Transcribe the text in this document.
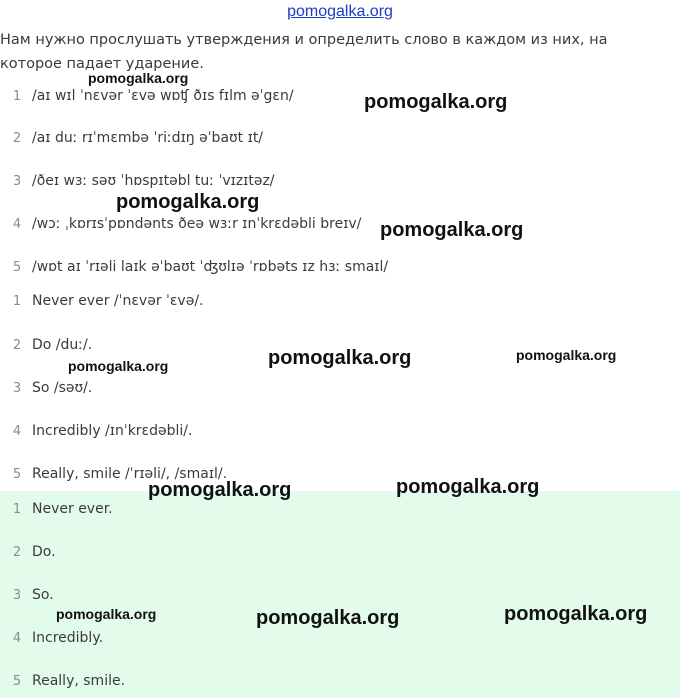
pomogalka.org
Нам нужно прослушать утверждения и определить слово в каждом из них, на которое падает ударение.
1 /aɪ wɪl ˈnɛvər ˈɛvə wɒʧ ðɪs fɪlm əˈgɛn/
2 /aɪ duː rɪˈmɛmbə ˈriːdɪŋ əˈbaʊt ɪt/
3 /ðeɪ wɜː səʊ ˈhɒspɪtəbl tuː ˈvɪzɪtəz/
4 /wɔː ˌkɒrɪsˈpɒndənts ðeə wɜːr ɪnˈkrɛdəbli breɪv/
5 /wɒt aɪ ˈrɪəli laɪk əˈbaʊt ˈʤʊlɪə ˈrɒbəts ɪz hɜː smaɪl/
1 Never ever /ˈnɛvər ˈɛvə/.
2 Do /duː/.
3 So /səʊ/.
4 Incredibly /ɪnˈkrɛdəbli/.
5 Really, smile /ˈrɪəli/, /smaɪl/.
1 Never ever.
2 Do.
3 So.
4 Incredibly.
5 Really, smile.
pomogalka.org
pomogalka.org
pomogalka.org
pomogalka.org
pomogalka.org	pomogalka.org
pomogalka.org
pomogalka.org	pomogalka.org
pomogalka.org	pomogalka.org	pomogalka.org
